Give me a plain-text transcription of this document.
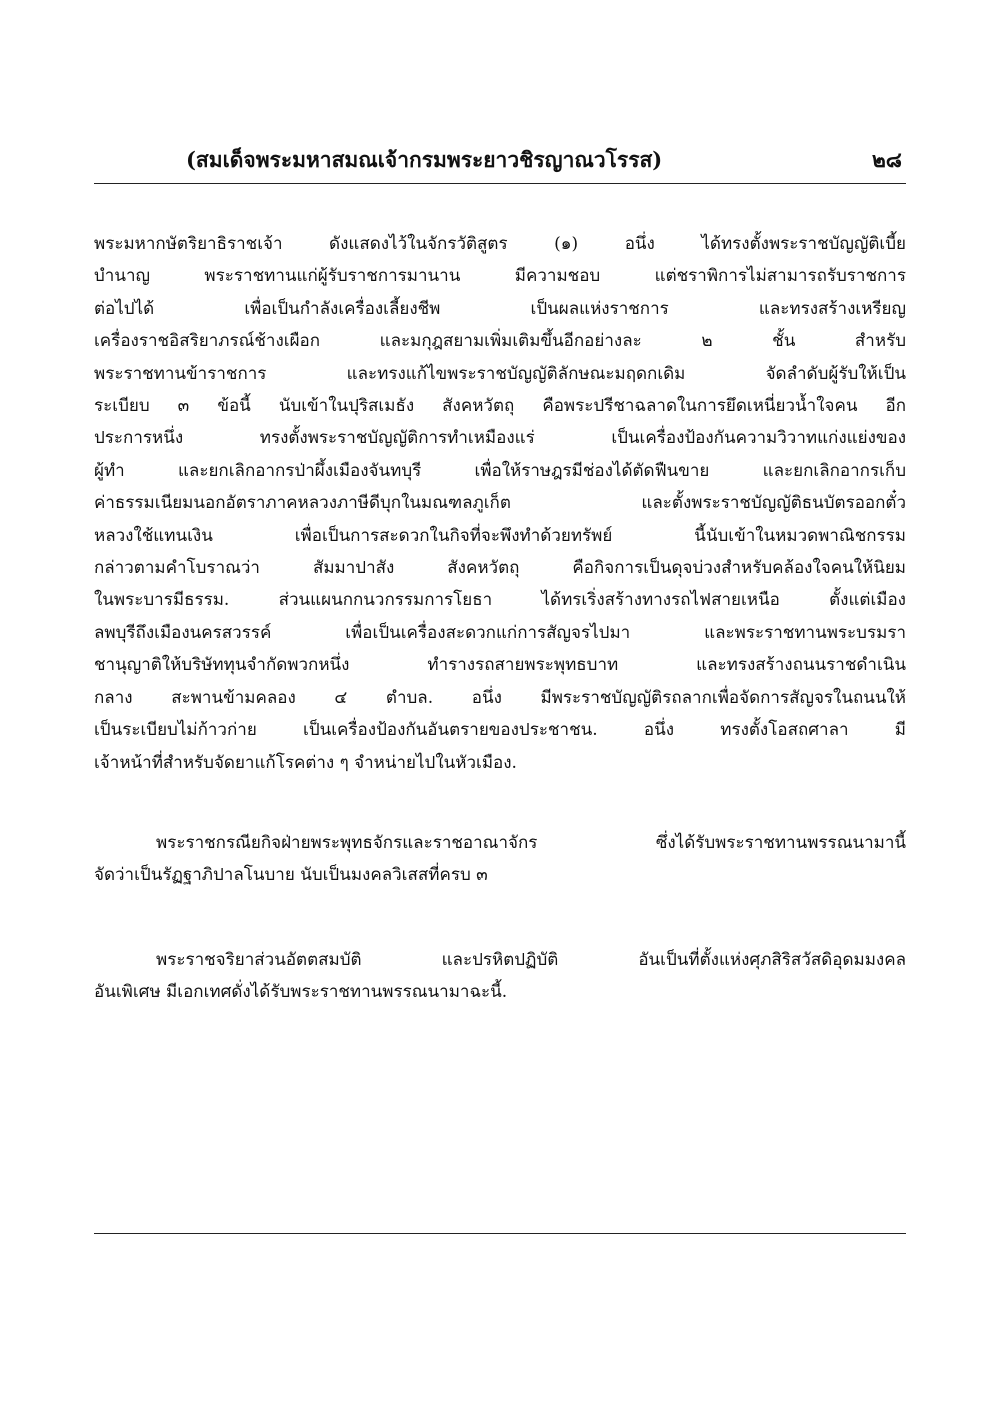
(สมเด็จพระมหาสมณเจ้ากรมพระยาวชิรญาณวโรรส)	๒๘
พระมหากษัตริยาธิราชเจ้า ดังแสดงไว้ในจักรวัติสูตร (๑) อนึ่ง ได้ทรงตั้งพระราชบัญญัติเบี้ย
บำนาญ พระราชทานแก่ผู้รับราชการมานาน มีความชอบ แต่ชราพิการไม่สามารถรับราชการ
ต่อไปได้ เพื่อเป็นกำลังเครื่องเลี้ยงชีพ เป็นผลแห่งราชการ และทรงสร้างเหรียญ
เครื่องราชอิสริยาภรณ์ช้างเผือก และมกุฎสยามเพิ่มเติมขึ้นอีกอย่างละ ๒ ชั้น สำหรับ
พระราชทานข้าราชการ และทรงแก้ไขพระราชบัญญัติลักษณะมฤดกเดิม จัดลำดับผู้รับให้เป็น
ระเบียบ ๓ ข้อนี้ นับเข้าในปุริสเมธัง สังคหวัตถุ คือพระปรีชาฉลาดในการยึดเหนี่ยวน้ำใจคน อีก
ประการหนึ่ง ทรงตั้งพระราชบัญญัติการทำเหมืองแร่ เป็นเครื่องป้องกันความวิวาทแก่งแย่งของ
ผู้ทำ และยกเลิกอากรป่าผึ้งเมืองจันทบุรี เพื่อให้ราษฎรมีช่องได้ตัดฟืนขาย และยกเลิกอากรเก็บ
ค่าธรรมเนียมนอกอัตราภาคหลวงภาษีดีบุกในมณฑลภูเก็ต และตั้งพระราชบัญญัติธนบัตรออกตั๋ว
หลวงใช้แทนเงิน เพื่อเป็นการสะดวกในกิจที่จะพึงทำด้วยทรัพย์ นี้นับเข้าในหมวดพาณิชกรรม
กล่าวตามคำโบราณว่า สัมมาปาสัง สังคหวัตถุ คือกิจการเป็นดุจบ่วงสำหรับคล้องใจคนให้นิยม
ในพระบารมีธรรม. ส่วนแผนกกนวกรรมการโยธา ได้ทรเริ่งสร้างทางรถไฟสายเหนือ ตั้งแต่เมือง
ลพบุรีถึงเมืองนครสวรรค์ เพื่อเป็นเครื่องสะดวกแก่การสัญจรไปมา และพระราชทานพระบรมรา
ชานุญาติให้บริษัททุนจำกัดพวกหนึ่ง ทำรางรถสายพระพุทธบาท และทรงสร้างถนนราชดำเนิน
กลาง สะพานข้ามคลอง ๔ ตำบล. อนึ่ง มีพระราชบัญญัติรถลากเพื่อจัดการสัญจรในถนนให้
เป็นระเบียบไม่ก้าวก่าย เป็นเครื่องป้องกันอันตรายของประชาชน. อนึ่ง ทรงตั้งโอสถศาลา มี
เจ้าหน้าที่สำหรับจัดยาแก้โรคต่าง ๆ จำหน่ายไปในหัวเมือง.
พระราชกรณียกิจฝ่ายพระพุทธจักรและราชอาณาจักร ซึ่งได้รับพระราชทานพรรณนามานี้
จัดว่าเป็นรัฏฐาภิปาลโนบาย นับเป็นมงคลวิเสสที่ครบ ๓
พระราชจริยาส่วนอัตตสมบัติ และปรหิตปฏิบัติ อันเป็นที่ตั้งแห่งศุภสิริสวัสดิอุดมมงคล
อันเพิเศษ มีเอกเทศดั่งได้รับพระราชทานพรรณนามาฉะนี้.
